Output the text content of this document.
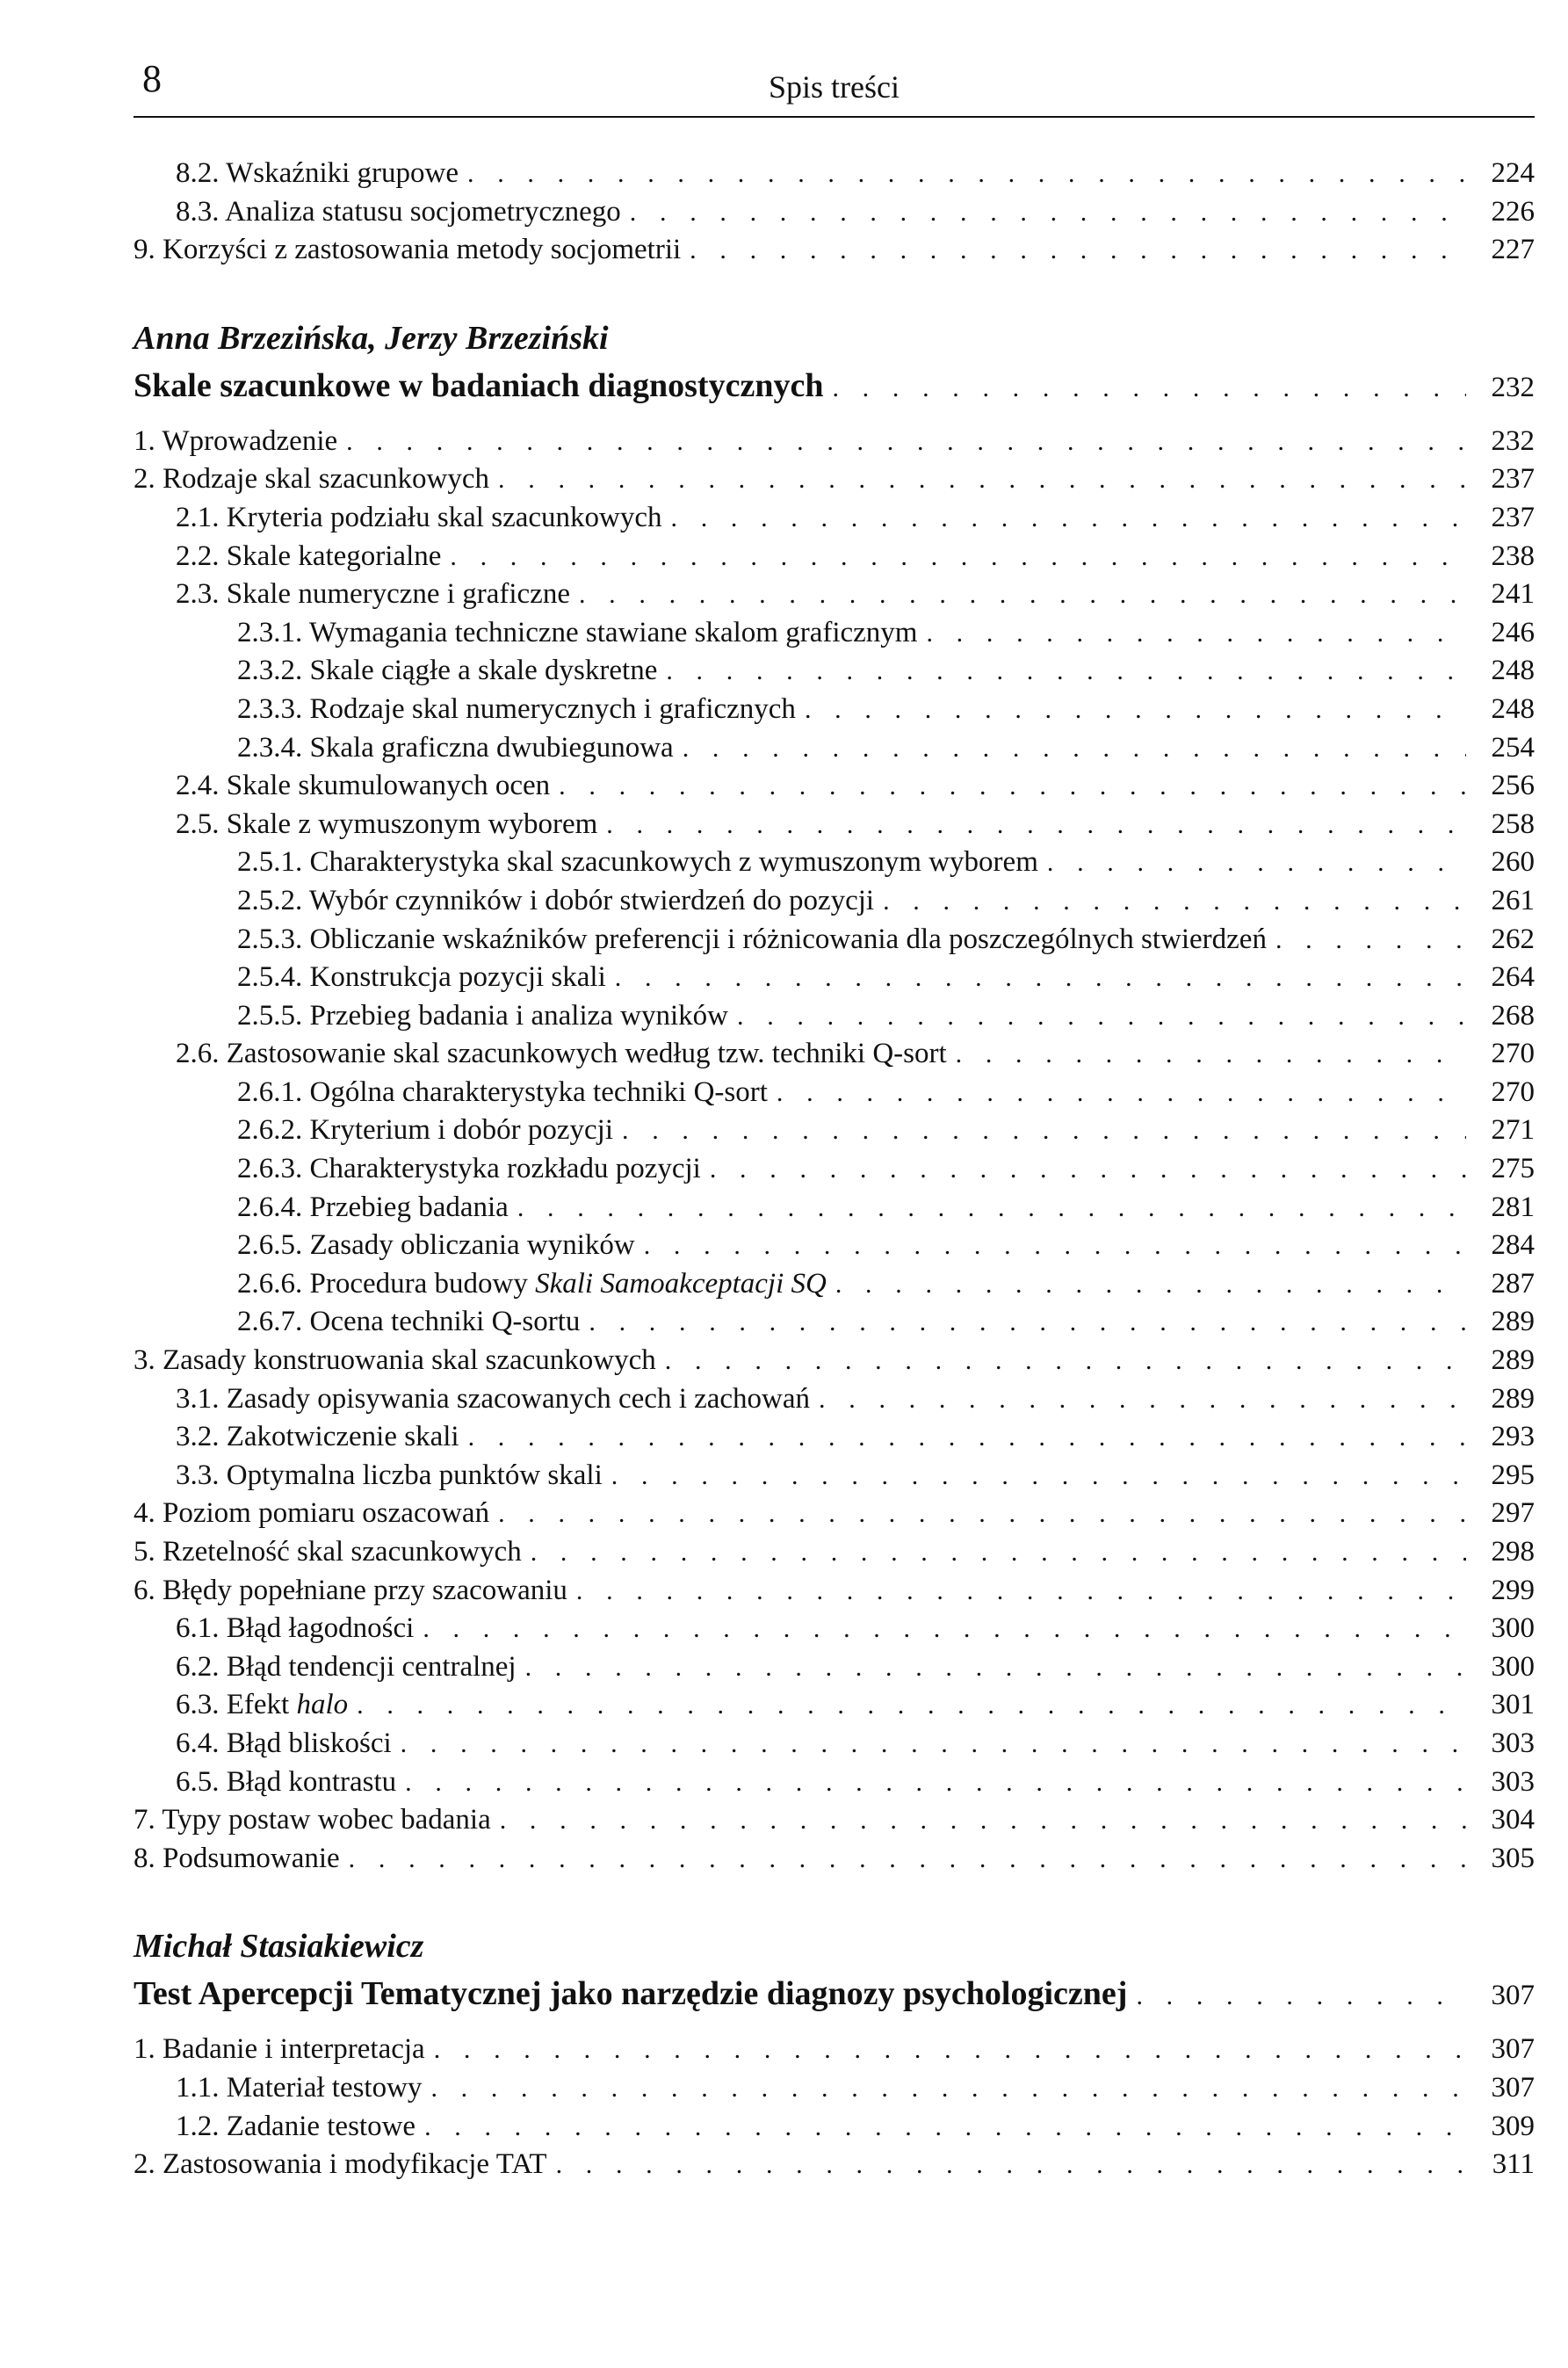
8	Spis treści
8.2. Wskaźniki grupowe . . .	224
8.3. Analiza statusu socjometrycznego . . .	226
9. Korzyści z zastosowania metody socjometrii . . .	227
Anna Brzezińska, Jerzy Brzeziński
Skale szacunkowe w badaniach diagnostycznych . . .	232
1. Wprowadzenie . . .	232
2. Rodzaje skal szacunkowych . . .	237
2.1. Kryteria podziału skal szacunkowych . . .	237
2.2. Skale kategorialne . . .	238
2.3. Skale numeryczne i graficzne . . .	241
2.3.1. Wymagania techniczne stawiane skalom graficznym . . .	246
2.3.2. Skale ciągłe a skale dyskretne . . .	248
2.3.3. Rodzaje skal numerycznych i graficznych . . .	248
2.3.4. Skala graficzna dwubiegunowa . . .	254
2.4. Skale skumulowanych ocen . . .	256
2.5. Skale z wymuszonym wyborem . . .	258
2.5.1. Charakterystyka skal szacunkowych z wymuszonym wyborem . . .	260
2.5.2. Wybór czynników i dobór stwierdzeń do pozycji . . .	261
2.5.3. Obliczanie wskaźników preferencji i różnicowania dla poszczególnych stwierdzeń . . .	262
2.5.4. Konstrukcja pozycji skali . . .	264
2.5.5. Przebieg badania i analiza wyników . . .	268
2.6. Zastosowanie skal szacunkowych według tzw. techniki Q-sort . . .	270
2.6.1. Ogólna charakterystyka techniki Q-sort . . .	270
2.6.2. Kryterium i dobór pozycji . . .	271
2.6.3. Charakterystyka rozkładu pozycji . . .	275
2.6.4. Przebieg badania . . .	281
2.6.5. Zasady obliczania wyników . . .	284
2.6.6. Procedura budowy Skali Samoakceptacji SQ . . .	287
2.6.7. Ocena techniki Q-sortu . . .	289
3. Zasady konstruowania skal szacunkowych . . .	289
3.1. Zasady opisywania szacowanych cech i zachowań . . .	289
3.2. Zakotwiczenie skali . . .	293
3.3. Optymalna liczba punktów skali . . .	295
4. Poziom pomiaru oszacowań . . .	297
5. Rzetelność skal szacunkowych . . .	298
6. Błędy popełniane przy szacowaniu . . .	299
6.1. Błąd łagodności . . .	300
6.2. Błąd tendencji centralnej . . .	300
6.3. Efekt halo . . .	301
6.4. Błąd bliskości . . .	303
6.5. Błąd kontrastu . . .	303
7. Typy postaw wobec badania . . .	304
8. Podsumowanie . . .	305
Michał Stasiakiewicz
Test Apercepcji Tematycznej jako narzędzie diagnozy psychologicznej . . .	307
1. Badanie i interpretacja . . .	307
1.1. Materiał testowy . . .	307
1.2. Zadanie testowe . . .	309
2. Zastosowania i modyfikacje TAT . . .	311
